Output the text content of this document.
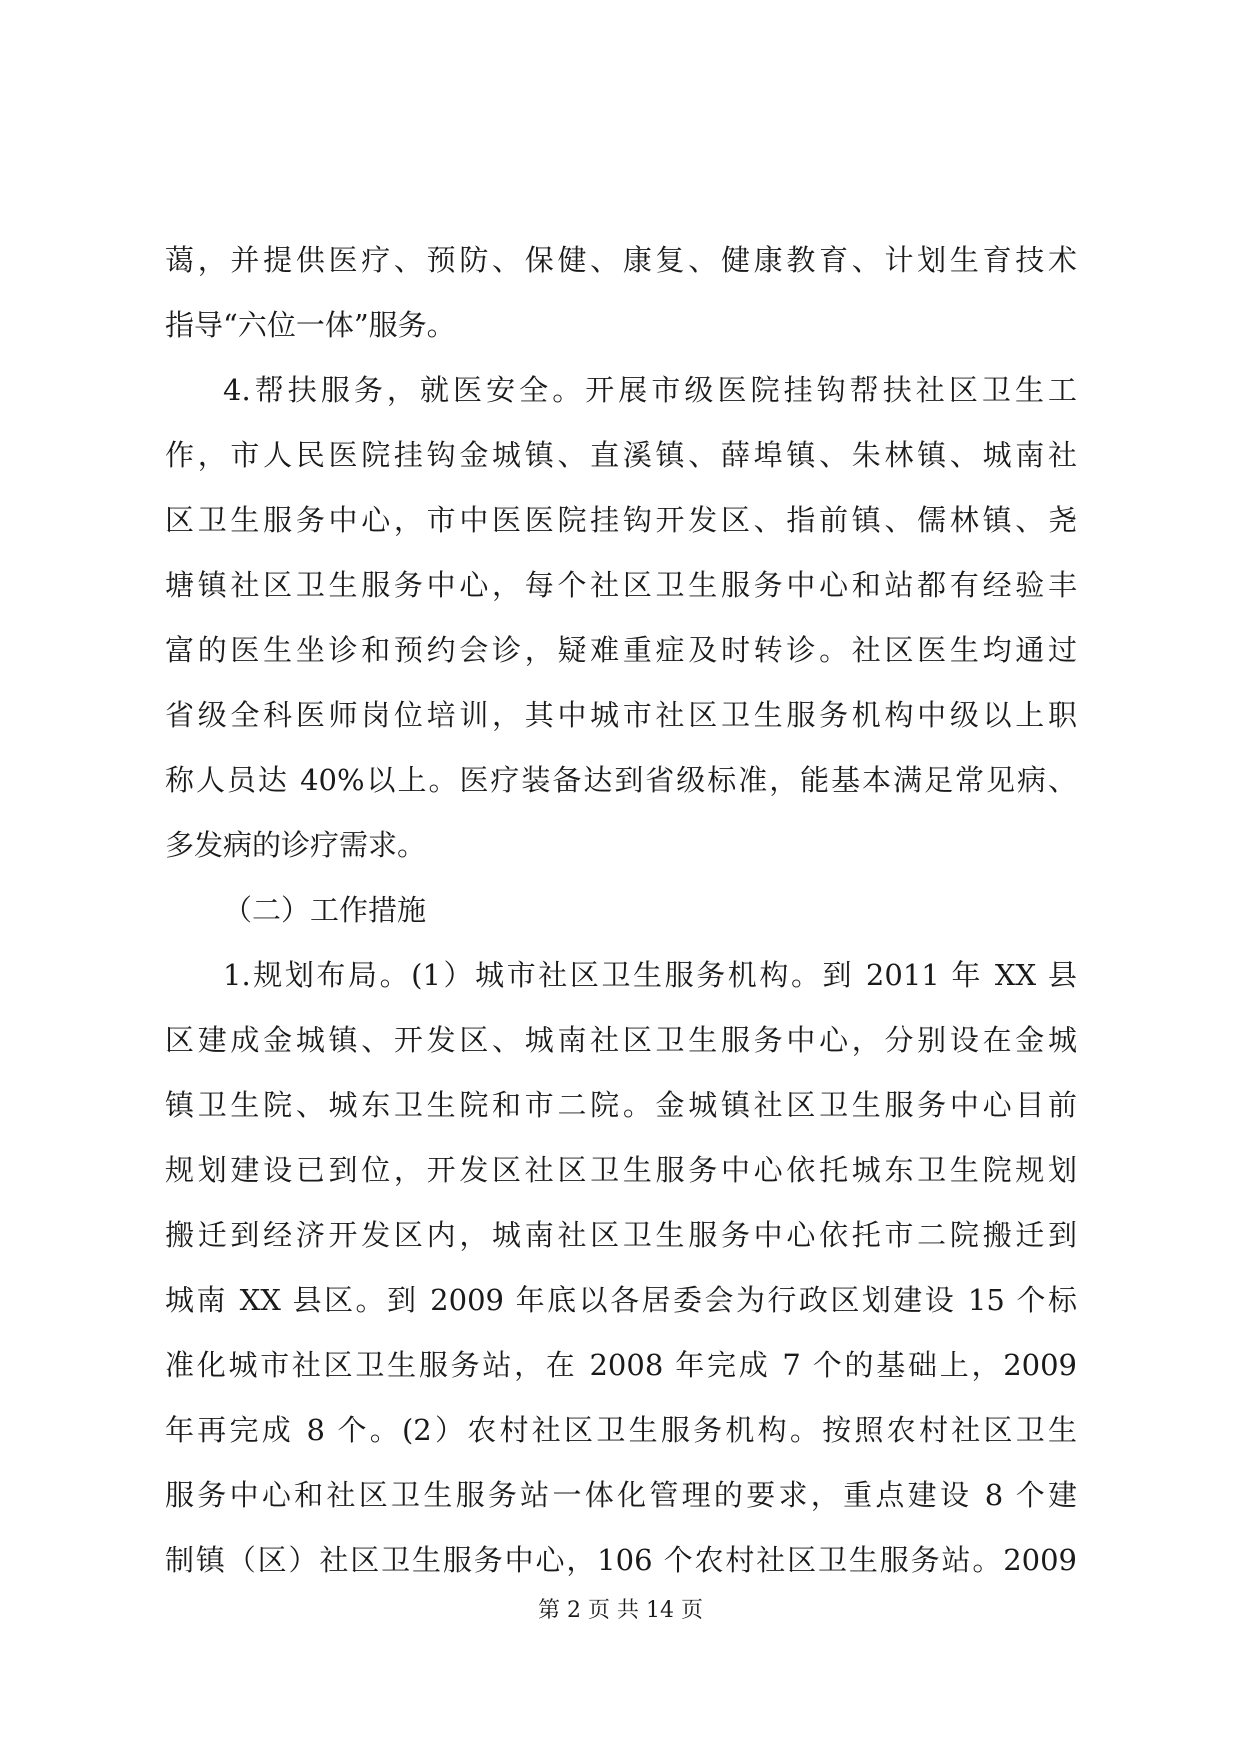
蔼，并提供医疗、预防、保健、康复、健康教育、计划生育技术
指导“六位一体”服务。
4.帮扶服务，就医安全。开展市级医院挂钩帮扶社区卫生工
作，市人民医院挂钩金城镇、直溪镇、薛埠镇、朱林镇、城南社
区卫生服务中心，市中医医院挂钩开发区、指前镇、儒林镇、尧
塘镇社区卫生服务中心，每个社区卫生服务中心和站都有经验丰
富的医生坐诊和预约会诊，疑难重症及时转诊。社区医生均通过
省级全科医师岗位培训，其中城市社区卫生服务机构中级以上职
称人员达 40%以上。医疗装备达到省级标准，能基本满足常见病、
多发病的诊疗需求。
（二）工作措施
1.规划布局。(1）城市社区卫生服务机构。到 2011 年 XX 县
区建成金城镇、开发区、城南社区卫生服务中心，分别设在金城
镇卫生院、城东卫生院和市二院。金城镇社区卫生服务中心目前
规划建设已到位，开发区社区卫生服务中心依托城东卫生院规划
搬迁到经济开发区内，城南社区卫生服务中心依托市二院搬迁到
城南 XX 县区。到 2009 年底以各居委会为行政区划建设 15 个标
准化城市社区卫生服务站，在 2008 年完成 7 个的基础上，2009
年再完成 8 个。(2）农村社区卫生服务机构。按照农村社区卫生
服务中心和社区卫生服务站一体化管理的要求，重点建设 8 个建
制镇（区）社区卫生服务中心，106 个农村社区卫生服务站。2009
第 2 页 共 14 页
